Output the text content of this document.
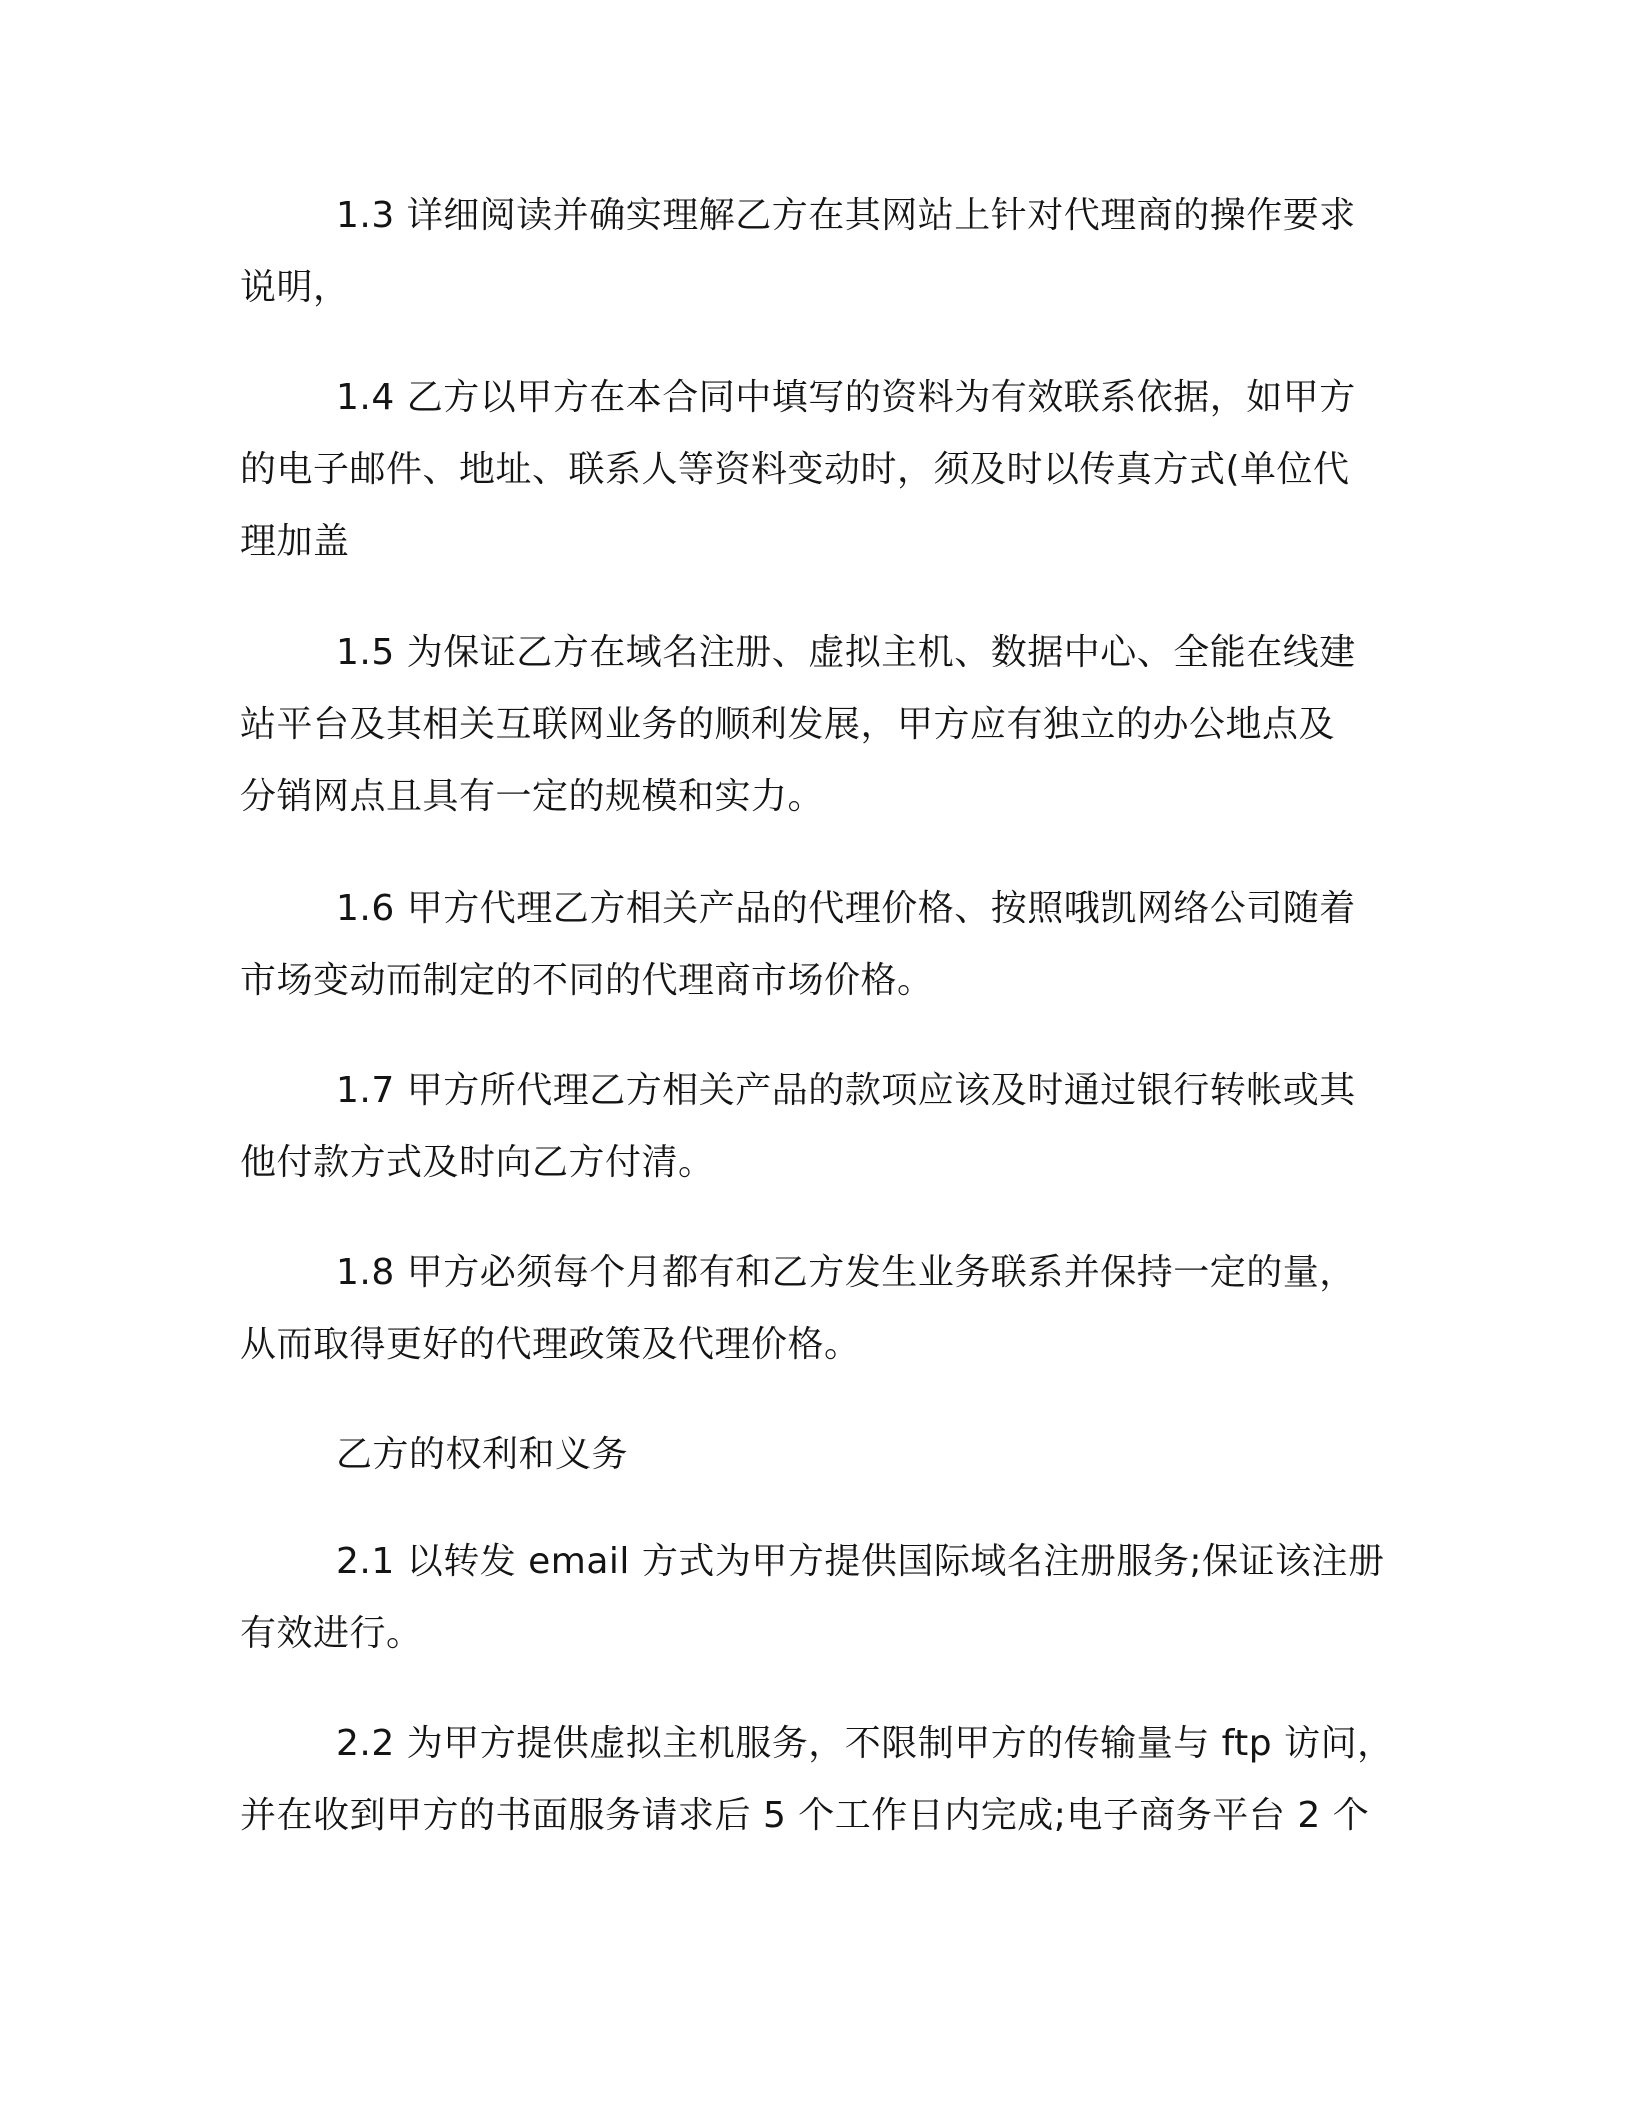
1.3 详细阅读并确实理解乙方在其网站上针对代理商的操作要求
说明，

1.4 乙方以甲方在本合同中填写的资料为有效联系依据，如甲方
的电子邮件、地址、联系人等资料变动时，须及时以传真方式(单位代
理加盖

1.5 为保证乙方在域名注册、虚拟主机、数据中心、全能在线建
站平台及其相关互联网业务的顺利发展，甲方应有独立的办公地点及
分销网点且具有一定的规模和实力。

1.6 甲方代理乙方相关产品的代理价格、按照哦凯网络公司随着
市场变动而制定的不同的代理商市场价格。

1.7 甲方所代理乙方相关产品的款项应该及时通过银行转帐或其
他付款方式及时向乙方付清。

1.8 甲方必须每个月都有和乙方发生业务联系并保持一定的量，
从而取得更好的代理政策及代理价格。

乙方的权利和义务

2.1 以转发 email 方式为甲方提供国际域名注册服务;保证该注册
有效进行。

2.2 为甲方提供虚拟主机服务，不限制甲方的传输量与 ftp 访问，
并在收到甲方的书面服务请求后 5 个工作日内完成;电子商务平台 2 个
